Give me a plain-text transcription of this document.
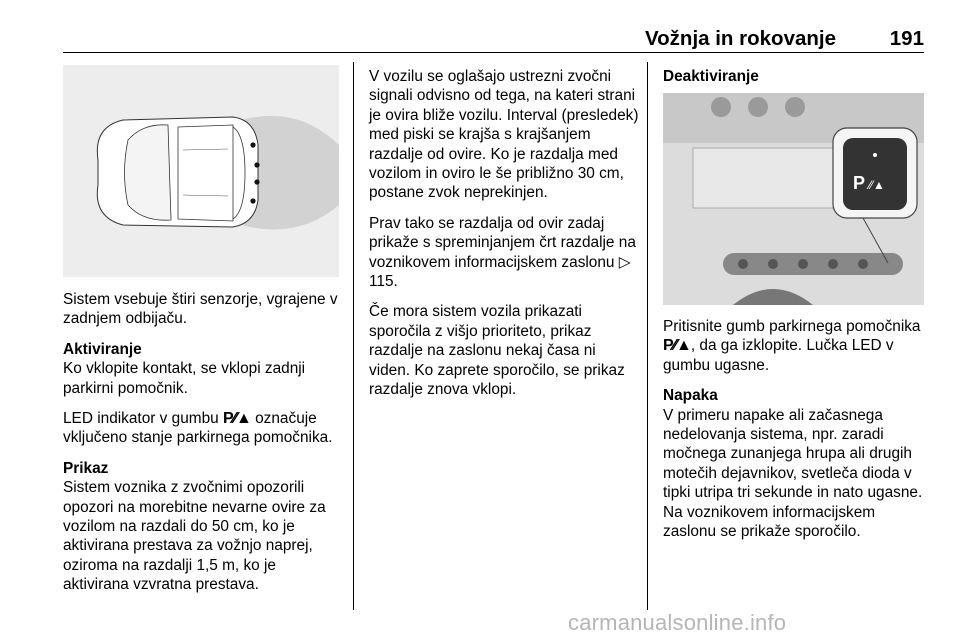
Vožnja in rokovanje	191

Sistem vsebuje štiri senzorje, vgrajene v zadnjem odbijaču.

Aktiviranje

Ko vklopite kontakt, se vklopi zadnji parkirni pomočnik.

LED indikator v gumbu P⁄⁄▲ označuje vključeno stanje parkirnega pomočnika.

Prikaz

Sistem voznika z zvočnimi opozorili opozori na morebitne nevarne ovire za vozilom na razdali do 50 cm, ko je aktivirana prestava za vožnjo naprej, oziroma na razdalji 1,5 m, ko je aktivirana vzvratna prestava.

V vozilu se oglašajo ustrezni zvočni signali odvisno od tega, na kateri strani je ovira bliže vozilu. Interval (presledek) med piski se krajša s krajšanjem razdalje od ovire. Ko je razdalja med vozilom in oviro le še približno 30 cm, postane zvok neprekinjen.

Prav tako se razdalja od ovir zadaj prikaže s spreminjanjem črt razdalje na voznikovem informacijskem zaslonu ▷ 115.

Če mora sistem vozila prikazati sporočila z višjo prioriteto, prikaz razdalje na zaslonu nekaj časa ni viden. Ko zaprete sporočilo, se prikaz razdalje znova vklopi.

Deaktiviranje

P ⁄⁄▲

Pritisnite gumb parkirnega pomočnika P⁄⁄▲, da ga izklopite. Lučka LED v gumbu ugasne.

Napaka

V primeru napake ali začasnega nedelovanja sistema, npr. zaradi močnega zunanjega hrupa ali drugih motečih dejavnikov, svetleča dioda v tipki utripa tri sekunde in nato ugasne. Na voznikovem informacijskem zaslonu se prikaže sporočilo.

carmanualsonline.info
